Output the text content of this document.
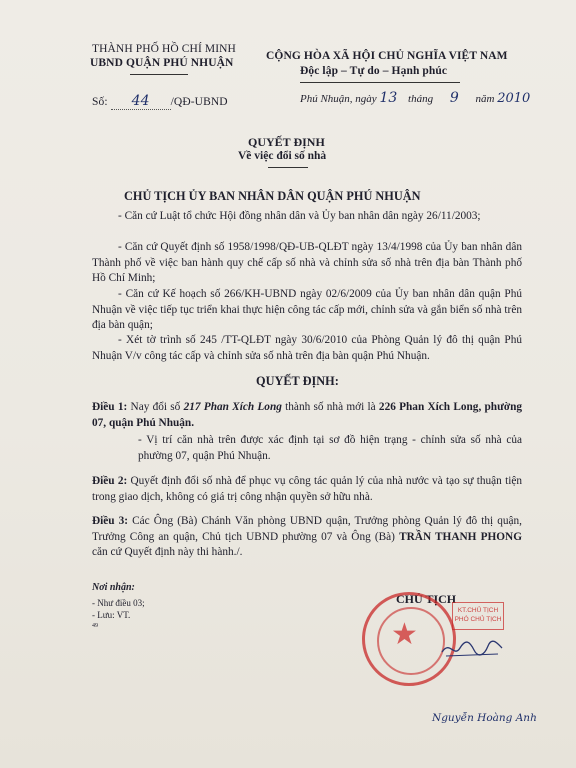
THÀNH PHỐ HỒ CHÍ MINH
UBND QUẬN PHÚ NHUẬN
Số: 44 /QĐ-UBND
CỘNG HÒA XÃ HỘI CHỦ NGHĨA VIỆT NAM
Độc lập – Tự do – Hạnh phúc
Phú Nhuận, ngày 13 tháng 9 năm 2010
QUYẾT ĐỊNH
Về việc đổi số nhà
CHỦ TỊCH ỦY BAN NHÂN DÂN QUẬN PHÚ NHUẬN
- Căn cứ Luật tổ chức Hội đồng nhân dân và Ủy ban nhân dân ngày 26/11/2003;
- Căn cứ Quyết định số 1958/1998/QĐ-UB-QLĐT ngày 13/4/1998 của Ủy ban nhân dân Thành phố về việc ban hành quy chế cấp số nhà và chỉnh sửa số nhà trên địa bàn Thành phố Hồ Chí Minh;
- Căn cứ Kế hoạch số 266/KH-UBND ngày 02/6/2009 của Ủy ban nhân dân quận Phú Nhuận về việc tiếp tục triển khai thực hiện công tác cấp mới, chỉnh sửa và gắn biển số nhà trên địa bàn quận;
- Xét tờ trình số 245 /TT-QLĐT ngày 30/6/2010 của Phòng Quản lý đô thị quận Phú Nhuận V/v công tác cấp và chỉnh sửa số nhà trên địa bàn quận Phú Nhuận.
QUYẾT ĐỊNH:
Điều 1: Nay đổi số 217 Phan Xích Long thành số nhà mới là 226 Phan Xích Long, phường 07, quận Phú Nhuận.
- Vị trí căn nhà trên được xác định tại sơ đồ hiện trạng - chỉnh sửa số nhà của phường 07, quận Phú Nhuận.
Điều 2: Quyết định đổi số nhà để phục vụ công tác quản lý của nhà nước và tạo sự thuận tiện trong giao dịch, không có giá trị công nhận quyền sở hữu nhà.
Điều 3: Các Ông (Bà) Chánh Văn phòng UBND quận, Trưởng phòng Quản lý đô thị quận, Trưởng Công an quận, Chủ tịch UBND phường 07 và Ông (Bà) TRẦN THANH PHONG căn cứ Quyết định này thi hành./.
Nơi nhận:
- Như điều 03;
- Lưu: VT.
49
CHỦ TỊCH
★
KT.CHỦ TỊCH PHÓ CHỦ TỊCH
Nguyễn Hoàng Anh
